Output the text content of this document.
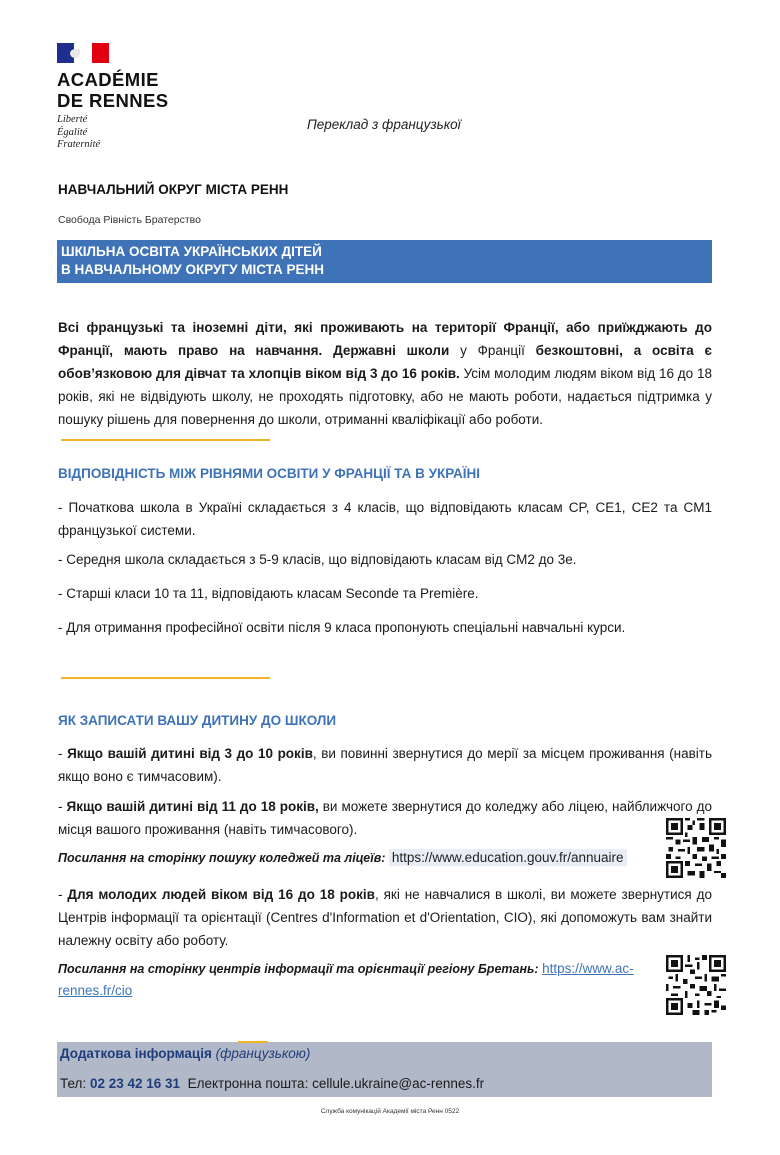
ACADÉMIE
DE RENNES
Liberté
Égalité
Fraternité
Переклад з французької
НАВЧАЛЬНИЙ ОКРУГ МІСТА РЕНН
Свобода Рівність Братерство
ШКІЛЬНА ОСВІТА УКРАЇНСЬКИХ ДІТЕЙ
В НАВЧАЛЬНОМУ ОКРУГУ МІСТА РЕНН
Всі французькі та іноземні діти, які проживають на території Франції, або приїжджають до Франції, мають право на навчання. Державні школи у Франції безкоштовні, а освіта є обов’язковою для дівчат та хлопців віком від 3 до 16 років. Усім молодим людям віком від 16 до 18 років, які не відвідують школу, не проходять підготовку, або не мають роботи, надається підтримка у пошуку рішень для повернення до школи, отриманні кваліфікації або роботи.
ВІДПОВІДНІСТЬ МІЖ РІВНЯМИ ОСВІТИ У ФРАНЦІЇ ТА В УКРАЇНІ
- Початкова школа в Україні складається з 4 класів, що відповідають класам CP, CE1, CE2 та CM1 французької системи.
- Середня школа складається з 5-9 класів, що відповідають класам від CM2 до 3e.
- Старші класи 10 та 11, відповідають класам Seconde та Première.
- Для отримання професійної освіти після 9 класа пропонують спеціальні навчальні курси.
ЯК ЗАПИСАТИ ВАШУ ДИТИНУ ДО ШКОЛИ
- Якщо вашій дитині від 3 до 10 років, ви повинні звернутися до мерії за місцем проживання (навіть якщо воно є тимчасовим).
- Якщо вашій дитині від 11 до 18 років, ви можете звернутися до коледжу або ліцею, найближчого до місця вашого проживання (навіть тимчасового).
Посилання на сторінку пошуку коледжей та ліцеїв: https://www.education.gouv.fr/annuaire
- Для молодих людей віком від 16 до 18 років, які не навчалися в школі, ви можете звернутися до Центрів інформації та орієнтації (Centres d'Information et d'Orientation, CIO), які допоможуть вам знайти належну освіту або роботу.
Посилання на сторінку центрів інформації та орієнтації регіону Бретань: https://www.ac-
rennes.fr/cio
Додаткова інформація (французькою)
Тел: 02 23 42 16 31 Електронна пошта: cellule.ukraine@ac-rennes.fr
Служба комунікацій Академії міста Ренн 0522
